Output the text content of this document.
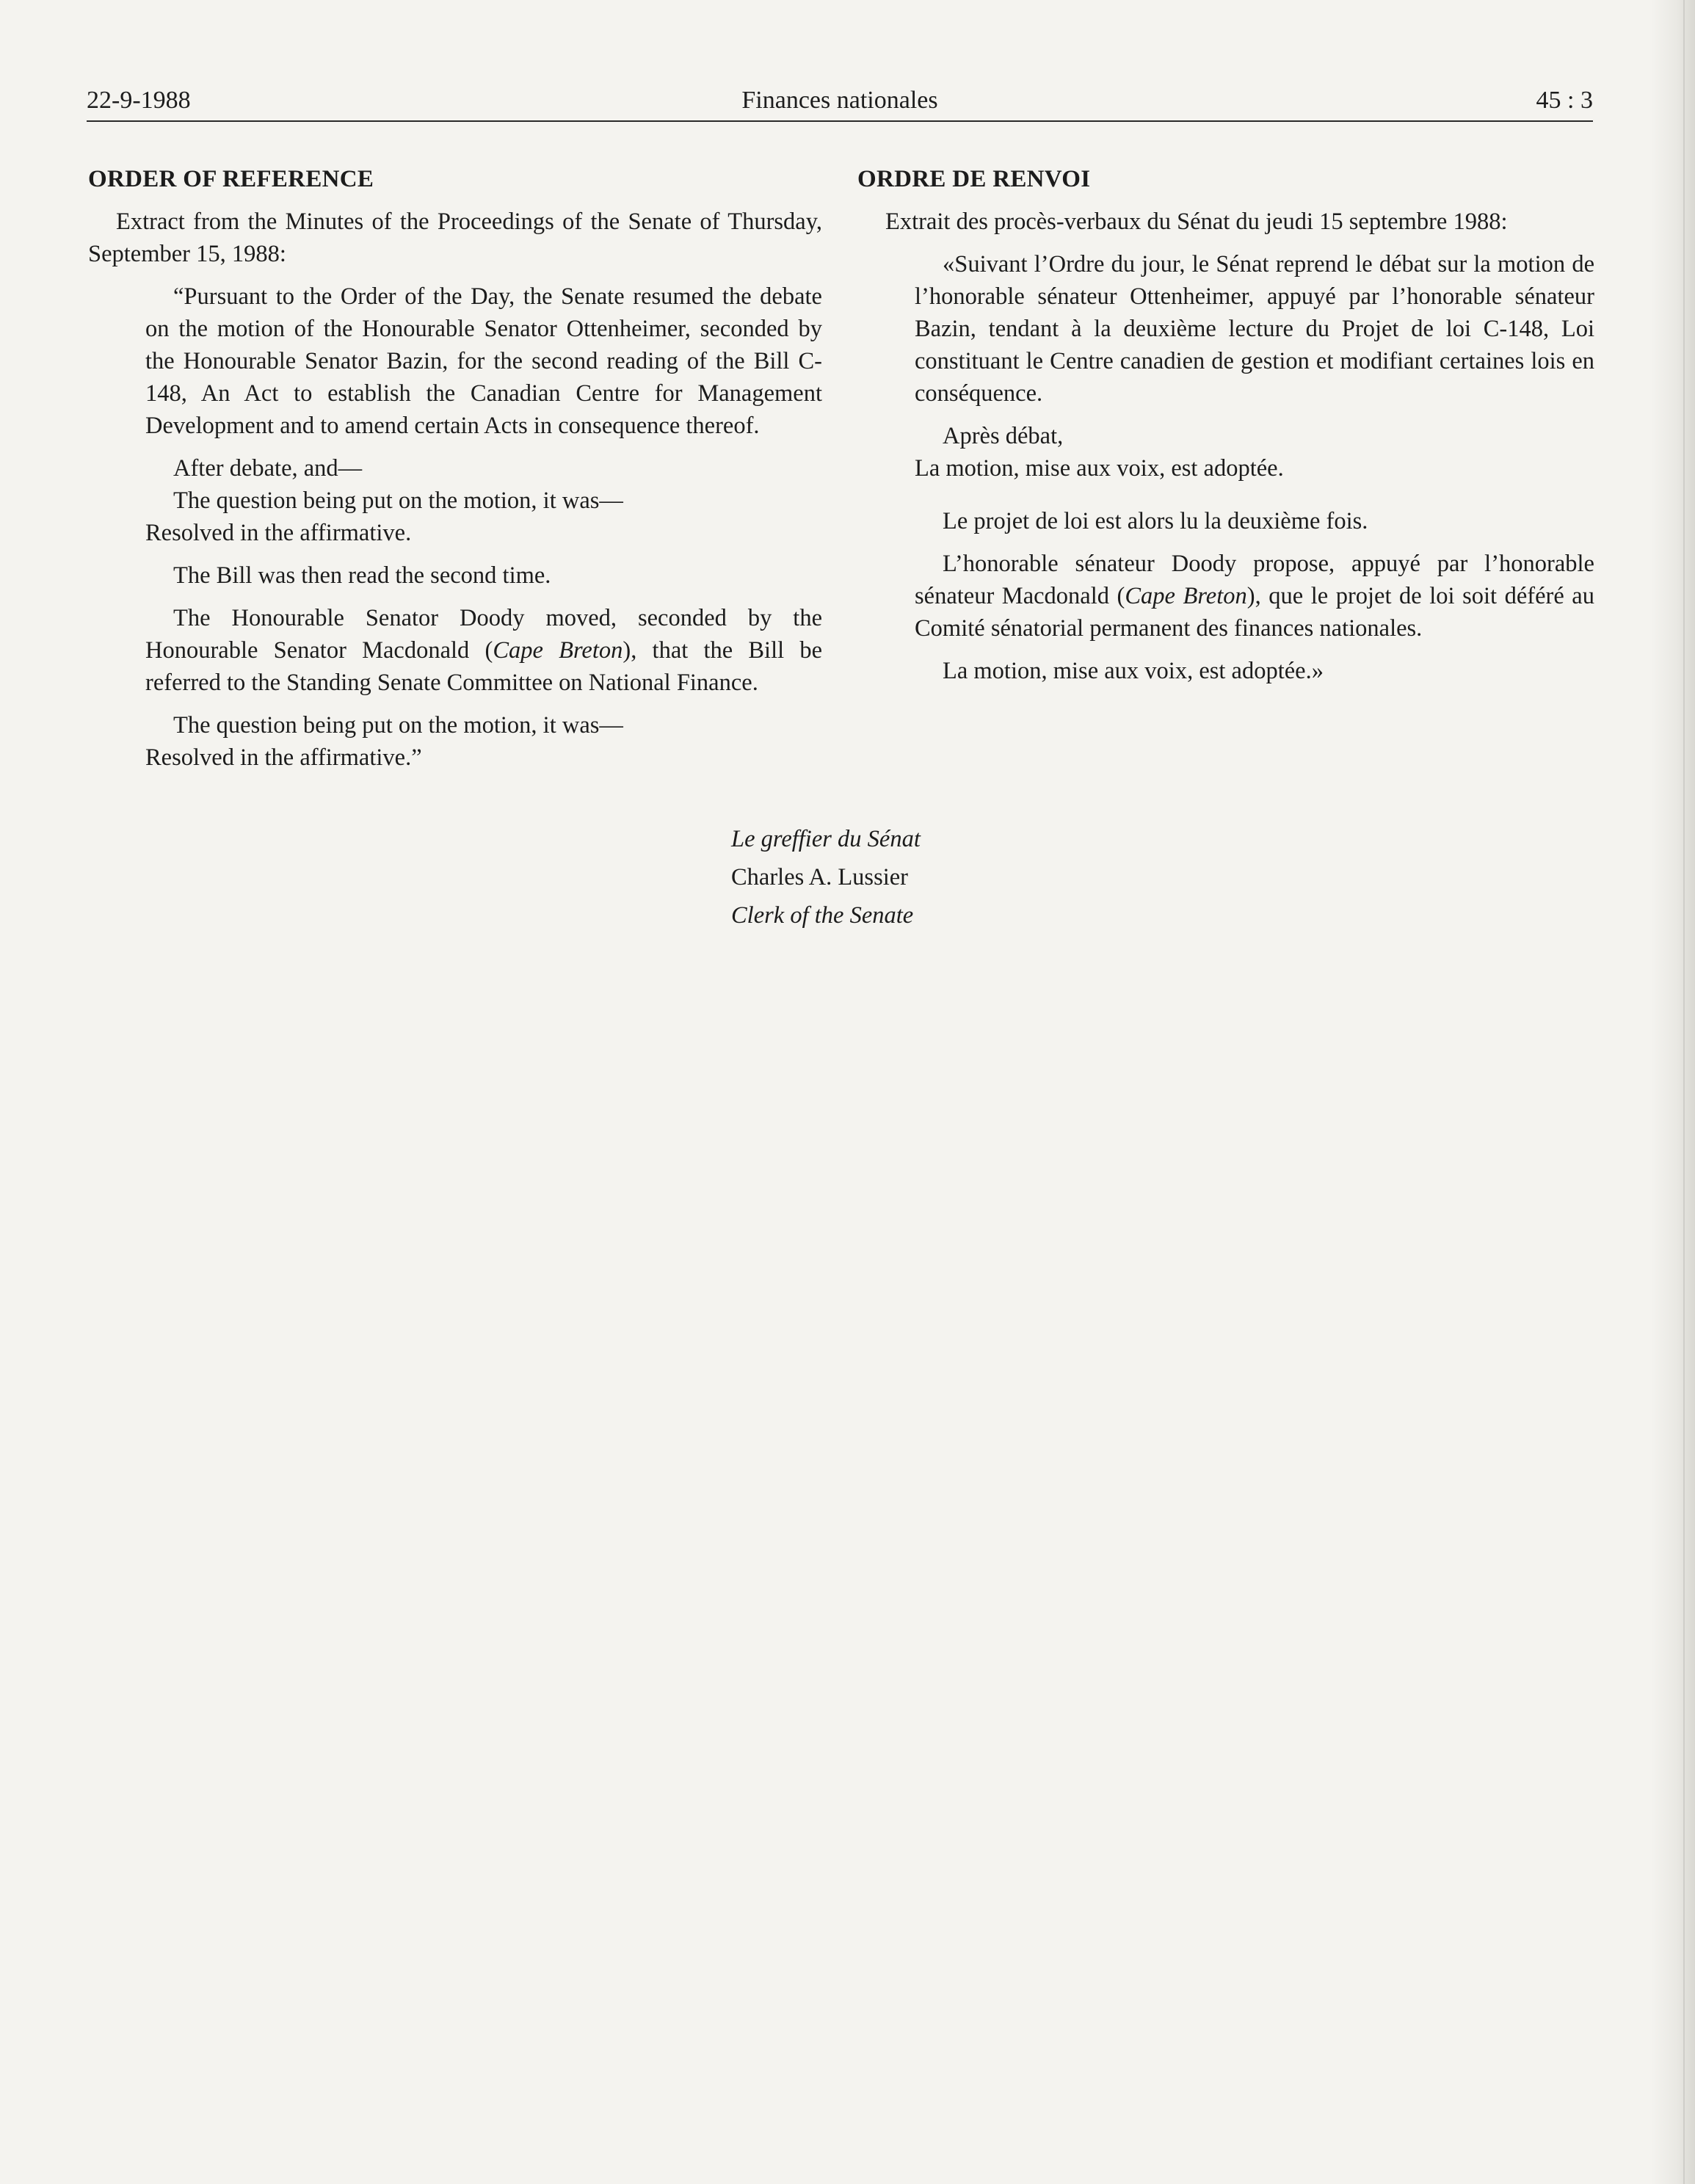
22-9-1988	Finances nationales	45 : 3
ORDER OF REFERENCE

Extract from the Minutes of the Proceedings of the Senate of Thursday, September 15, 1988:

“Pursuant to the Order of the Day, the Senate resumed the debate on the motion of the Honourable Senator Ottenheimer, seconded by the Honourable Senator Bazin, for the second reading of the Bill C-148, An Act to establish the Canadian Centre for Management Development and to amend certain Acts in consequence thereof.

After debate, and—

The question being put on the motion, it was—

Resolved in the affirmative.

The Bill was then read the second time.

The Honourable Senator Doody moved, seconded by the Honourable Senator Macdonald (Cape Breton), that the Bill be referred to the Standing Senate Committee on National Finance.

The question being put on the motion, it was—

Resolved in the affirmative.”

ORDRE DE RENVOI

Extrait des procès-verbaux du Sénat du jeudi 15 septembre 1988:

«Suivant l’Ordre du jour, le Sénat reprend le débat sur la motion de l’honorable sénateur Ottenheimer, appuyé par l’honorable sénateur Bazin, tendant à la deuxième lecture du Projet de loi C-148, Loi constituant le Centre canadien de gestion et modifiant certaines lois en conséquence.

Après débat,

La motion, mise aux voix, est adoptée.

Le projet de loi est alors lu la deuxième fois.

L’honorable sénateur Doody propose, appuyé par l’honorable sénateur Macdonald (Cape Breton), que le projet de loi soit déféré au Comité sénatorial permanent des finances nationales.

La motion, mise aux voix, est adoptée.»

Le greffier du Sénat
Charles A. Lussier
Clerk of the Senate
